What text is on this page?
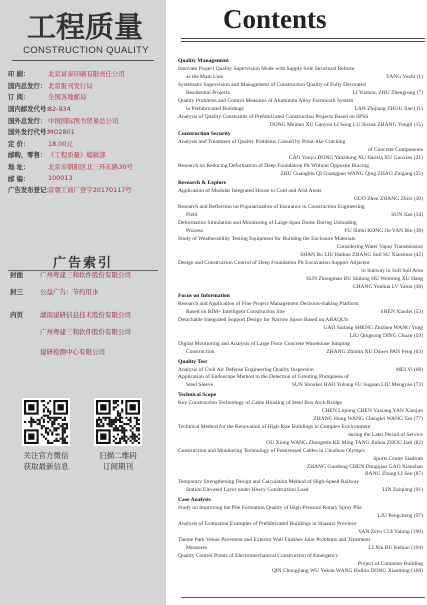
工程质量
CONSTRUCTION QUALITY
印 刷：	北京富泰印刷有限责任公司
国内总发行： 北京报刊发行局
订 阅：	全国各地邮局
国内邮发代号：
82-934
国外总发行： 中国国际图书贸易总公司
国外发行代号：
MO2801
定 价：	18.00元
邮购、零售： 《工程质量》编辑部
地 址：	北京市朝阳区北三环东路30号
邮 编：	100013
广告发布登记：
京朝工商广登字20170117号
广告索引
封面	广州粤建三和软件股份有限公司
封三	公益广告：节约用水
内页	湖南建研信息技术股份有限公司
广州粤建三和软件股份有限公司
建研检测中心有限公司
关注官方微信
获取最新信息
扫描二维码
订阅期刊
Contents
Quality Management
Innovate Project Quality Supervision Mode with Supply Side Structural Reform
as the Main Line	YANG Yuzhi (1)
Systematic Supervision and Management of Construction Quality of Fully Decorated
Residential Projects	LI Yuzhou, ZHU Zhengrong (7)
Quality Problems and Control Measures of Aluminum Alloy Formwork System
in Prefabricated Buildings	LAN Zhijiang ZHOU Jian (11)
Analysis of Quality Constraints of Prefabricated Construction Projects Based on SPSS
DONG Meimei XU Ganyou LI Song LU Jinxue ZHANG Yongli (15)
Construction Security
Analysis and Treatment of Quality Problems Caused by Point-like Cracking
of Concrete Components
CAO Yunyu DONG Yanzhong XU Jiaoxia XU Guoxiao (21)
Research on Reducing Deformation of Deep Foundation Pit Without Opposite Bracing
ZHU Guangbin QI Guangpan WANG Qing ZHAO Zhigang (25)
Research & Explore
Application of Modular Integrated House in Cold and Arid Areas
GUO Zhen ZHANG Zhixi (30)
Research and Reflection on Popularization of Insurance in Construction Engineering
Field	SUN Jian (34)
Deformation Simulation and Monitoring of Large-Span Dome During Unloading
Process	FU Shihu KONG Jie YAN Bin (38)
Study of Weatherability Testing Equipment for Building the Enclosure Materials
Considering Water Vapor Transmission
SHAN Bo LIU Haibao ZHANG Suli SU Xiaoshuo (42)
Design and Construction Control of Deep Foundation Pit Excavation Support Adjacent
to Subway in Soft Soil Area
SUN Zhongmao BU Shilong HU Weiming XU Hang
CHANG Yunhua LV Yalou (48)
Focus on Information
Research and Application of Fine Project Management Decision-making Platform
Based on BIM+ Intelligent Construction Site	SHEN Xiaolei (53)
Detachable Integrated Support Design for Narrow Space Based on ABAQUS
GAO Sailang SHENG Zhizhen WANG Yong
LIU Qingsong DING Chuan (59)
Digital Monitoring and Analysis of Large Floor Concrete Warehouse Jumping
Construction	ZHANG Zhimin XU Dawei PAN Feng (63)
Quality Test
Analysis of Civil Air Defense Engineering Quality Inspection	MEI Yi (68)
Application of Endoscope Method in the Detection of Grouting Plumpness of
Steel Sleeve	SUN Shoukei HAO Yuhang FU Suguan LIU Mengyao (73)
Technical Scope
Key Construction Technology of Cable Hoisting of Steel Box Arch Bridge
CHEN Liqiong CHEN Yuxiang YAN Xiaojun
ZHANG Hong WANG Chenglei WANG Tao (77)
Technical Method for the Renovation of High-Rise Buildings in Complex Environment
during the Later Period of Service
OU Xiong WANG Zhongmin KE Ming TANG Jinhua ZHOU Jiali (82)
Construction and Monitoring Technology of Prestressed Cables in Chuzhou Olympic
Sports Center Stadium
ZHANG Guodong CHEN Dongqiao GAO Xianzhan
JIANG Zhong LI Sen (87)
Temporary Strengthening Design and Calculation Method of High-Speed Railway
Station Elevated Layer under Heavy Construction Load	LIN Zaiqiang (91)
Case Analysis
Study on Improving the Pile Formation Quality of High-Pressure Rotary Spray Pile
LIU Pengcheng (97)
Analysis of Evaluation Examples of Prefabricated Buildings in Shaanxi Province
YAN Zeyu CUI Yalong (100)
Theme Park Venue Pavement and Exterior Wall Finishes Joint Problems and Treatment
Measures	LI Xin BU Kehiao (104)
Quality Control Points of Electromechanical Construction of Emergency
Project of Container Building
QIN Chongjiang WU Yukun WANG Huibin DONG Xiaoming (108)
